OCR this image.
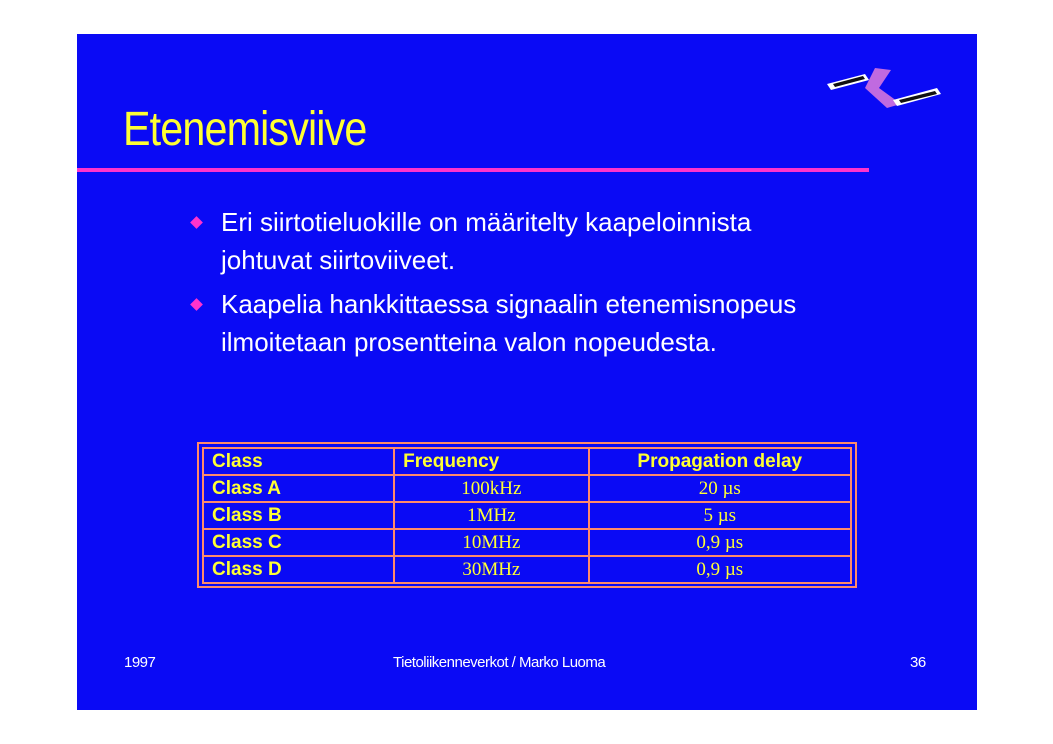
Etenemisviive
Eri siirtotieluokille on määritelty kaapeloinnista
johtuvat siirtoviiveet.
Kaapelia hankkittaessa signaalin etenemisnopeus
ilmoitetaan prosentteina valon nopeudesta.
Class	Frequency	Propagation delay
Class A	100kHz	20 µs
Class B	1MHz	5 µs
Class C	10MHz	0,9 µs
Class D	30MHz	0,9 µs
1997	Tietoliikenneverkot / Marko Luoma	36
